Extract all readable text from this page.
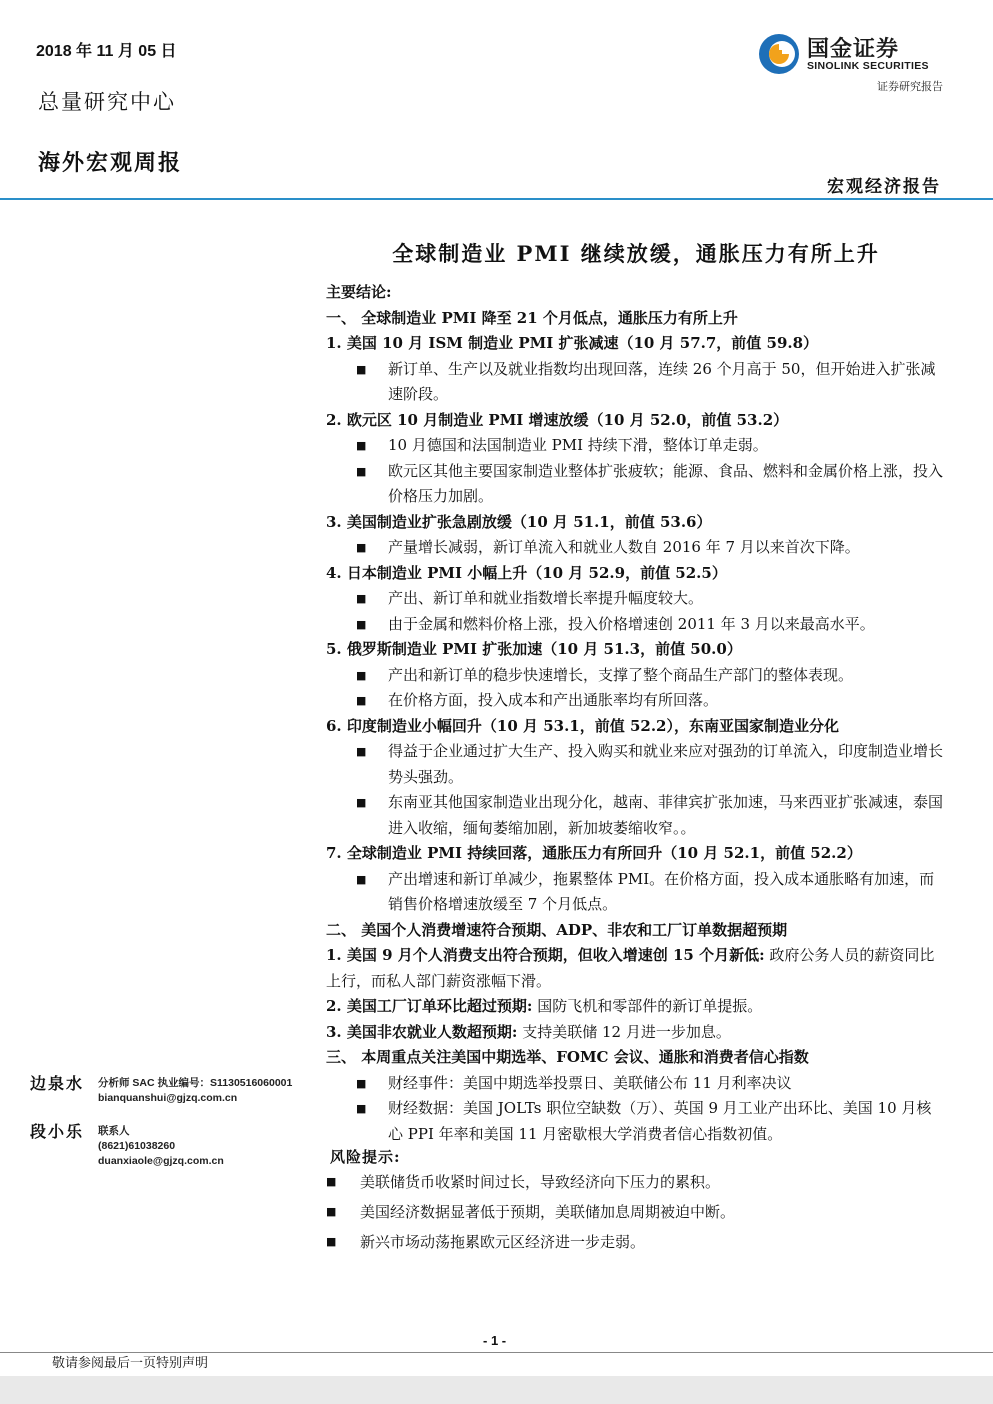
2018 年 11 月 05 日
总量研究中心
海外宏观周报
国金证券
SINOLINK SECURITIES
证券研究报告
宏观经济报告
全球制造业 PMI 继续放缓，通胀压力有所上升
主要结论:
一、 全球制造业 PMI 降至 21 个月低点，通胀压力有所上升
1. 美国 10 月 ISM 制造业 PMI 扩张减速（10 月 57.7，前值 59.8）
■ 新订单、生产以及就业指数均出现回落，连续 26 个月高于 50，但开始进入扩张减速阶段。
2. 欧元区 10 月制造业 PMI 增速放缓（10 月 52.0，前值 53.2）
■ 10 月德国和法国制造业 PMI 持续下滑，整体订单走弱。
■ 欧元区其他主要国家制造业整体扩张疲软；能源、食品、燃料和金属价格上涨，投入价格压力加剧。
3. 美国制造业扩张急剧放缓（10 月 51.1，前值 53.6）
■ 产量增长减弱，新订单流入和就业人数自 2016 年 7 月以来首次下降。
4. 日本制造业 PMI 小幅上升（10 月 52.9，前值 52.5）
■ 产出、新订单和就业指数增长率提升幅度较大。
■ 由于金属和燃料价格上涨，投入价格增速创 2011 年 3 月以来最高水平。
5. 俄罗斯制造业 PMI 扩张加速（10 月 51.3，前值 50.0）
■ 产出和新订单的稳步快速增长，支撑了整个商品生产部门的整体表现。
■ 在价格方面，投入成本和产出通胀率均有所回落。
6. 印度制造业小幅回升（10 月 53.1，前值 52.2），东南亚国家制造业分化
■ 得益于企业通过扩大生产、投入购买和就业来应对强劲的订单流入，印度制造业增长势头强劲。
■ 东南亚其他国家制造业出现分化，越南、菲律宾扩张加速，马来西亚扩张减速，泰国进入收缩，缅甸萎缩加剧，新加坡萎缩收窄。。
7. 全球制造业 PMI 持续回落，通胀压力有所回升（10 月 52.1，前值 52.2）
■ 产出增速和新订单减少，拖累整体 PMI。在价格方面，投入成本通胀略有加速，而销售价格增速放缓至 7 个月低点。
二、 美国个人消费增速符合预期、ADP、非农和工厂订单数据超预期
1. 美国 9 月个人消费支出符合预期，但收入增速创 15 个月新低: 政府公务人员的薪资同比上行，而私人部门薪资涨幅下滑。
2. 美国工厂订单环比超过预期: 国防飞机和零部件的新订单提振。
3. 美国非农就业人数超预期: 支持美联储 12 月进一步加息。
三、 本周重点关注美国中期选举、FOMC 会议、通胀和消费者信心指数
■ 财经事件：美国中期选举投票日、美联储公布 11 月利率决议
■ 财经数据：美国 JOLTs 职位空缺数（万）、英国 9 月工业产出环比、美国 10 月核心 PPI 年率和美国 11 月密歇根大学消费者信心指数初值。
风险提示:
■ 美联储货币收紧时间过长，导致经济向下压力的累积。
■ 美国经济数据显著低于预期，美联储加息周期被迫中断。
■ 新兴市场动荡拖累欧元区经济进一步走弱。
边泉水 分析师 SAC 执业编号：S1130516060001
bianquanshui@gjzq.com.cn
段小乐 联系人
(8621)61038260
duanxiaole@gjzq.com.cn
- 1 -
敬请参阅最后一页特别声明
